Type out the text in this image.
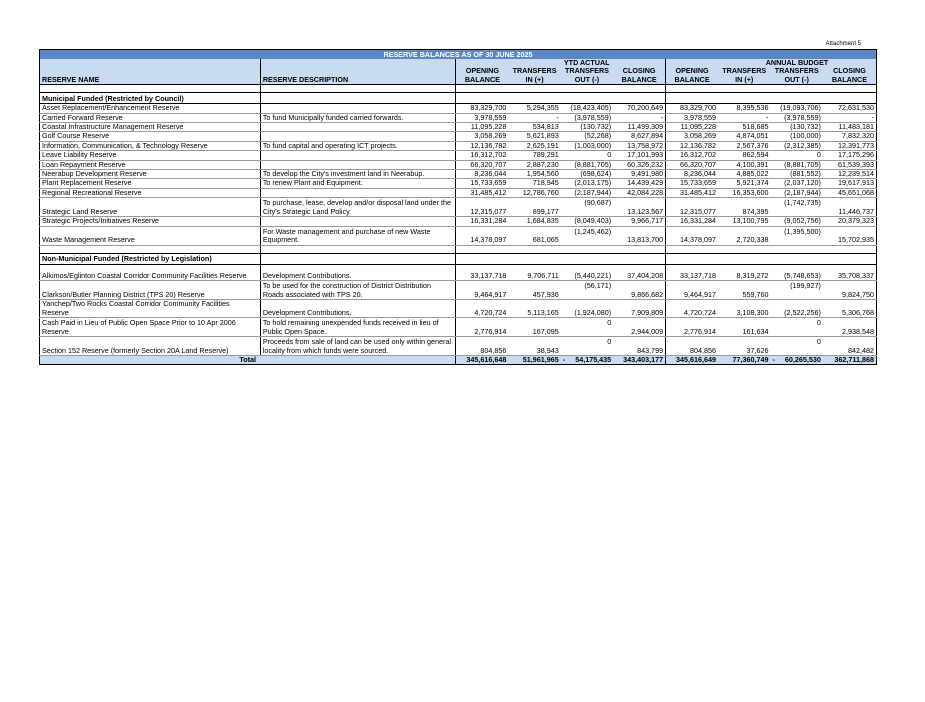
Attachment 5
RESERVE BALANCES AS OF 30 JUNE 2025									
			YTD ACTUAL				ANNUAL BUDGET		
		OPENING	TRANSFERS	TRANSFERS	CLOSING	OPENING	TRANSFERS	TRANSFERS	CLOSING
RESERVE NAME	RESERVE DESCRIPTION	BALANCE	IN (+)	OUT (-)	BALANCE	BALANCE	IN (+)	OUT (-)	BALANCE

Municipal Funded (Restricted by Council)									
Asset Replacement/Enhancement Reserve		83,329,700	5,294,355	(18,423,405)	70,200,649	83,329,700	8,395,536	(19,093,706)	72,631,530
Carried Forward Reserve	To fund Municipally funded carried forwards.	3,978,559	-	(3,978,559)	-	3,978,559	-	(3,978,559)	-
Coastal Infrastructure Management Reserve		11,095,228	534,813	(130,732)	11,499,309	11,095,228	518,685	(130,732)	11,483,181
Golf Course Reserve		3,058,269	5,621,893	(52,268)	8,627,894	3,058,269	4,874,051	(100,000)	7,832,320
Information, Communication, & Technology Reserve	To fund capital and operating ICT projects.	12,136,782	2,625,191	(1,003,000)	13,758,972	12,136,782	2,567,376	(2,312,385)	12,391,773
Leave Liability Reserve		16,312,702	789,291	0	17,101,993	16,312,702	862,594	0	17,175,296
Loan Repayment Reserve		66,320,707	2,887,230	(8,881,705)	60,326,232	66,320,707	4,100,391	(8,881,705)	61,539,393
Neerabup Development Reserve	To develop the City's investment land in Neerabup.	8,236,044	1,954,560	(698,624)	9,491,980	8,236,044	4,885,022	(881,552)	12,239,514
Plant Replacement Reserve	To renew Plant and Equipment.	15,733,659	718,945	(2,013,175)	14,439,429	15,733,659	5,921,374	(2,037,120)	19,617,913
Regional Recreational Reserve		31,485,412	12,786,760	(2,187,944)	42,084,228	31,485,412	16,353,600	(2,187,944)	45,651,068
Strategic Land Reserve	To purchase, lease, develop and/or disposal land under the City's Strategic Land Policy.	12,315,077	899,177	(90,687)	13,123,567	12,315,077	874,395	(1,742,735)	11,446,737
Strategic Projects/Initiatives Reserve		16,331,284	1,684,835	(8,049,403)	9,966,717	16,331,284	13,100,795	(9,052,756)	20,379,323
Waste Management Reserve	For Waste management and purchase of new Waste Equipment.	14,378,097	681,065	(1,245,462)	13,813,700	14,378,097	2,720,338	(1,395,500)	15,702,935

Non-Municipal Funded (Restricted by Legislation)									

Alkimos/Eglinton Coastal Corridor Community Facilities Reserve	Development Contributions.	33,137,718	9,706,711	(5,440,221)	37,404,208	33,137,718	8,319,272	(5,748,653)	35,708,337
Clarkson/Butler Planning District (TPS 20) Reserve	To be used for the construction of District Distribution Roads associated with TPS 20.	9,464,917	457,936	(56,171)	9,866,682	9,464,917	559,760	(199,927)	9,824,750
Yanchep/Two Rocks Coastal Corridor Community Facilities Reserve	Development Contributions.	4,720,724	5,113,165	(1,924,080)	7,909,809	4,720,724	3,108,300	(2,522,256)	5,306,768
Cash Paid in Lieu of Public Open Space Prior to 10 Apr 2006 Reserve	To hold remaining unexpended funds received in lieu of Public Open Space.	2,776,914	167,095	0	2,944,009	2,776,914	161,634	0	2,938,548
Section 152 Reserve (formerly Section 20A Land Reserve)	Proceeds from sale of land can be used only within general locality from which funds were sourced.	804,856	38,943	0	843,799	804,856	37,626	0	842,482
Total		345,616,648	51,961,965	- 54,175,435	343,403,177	345,616,649	77,360,749	- 60,265,530	362,711,868
